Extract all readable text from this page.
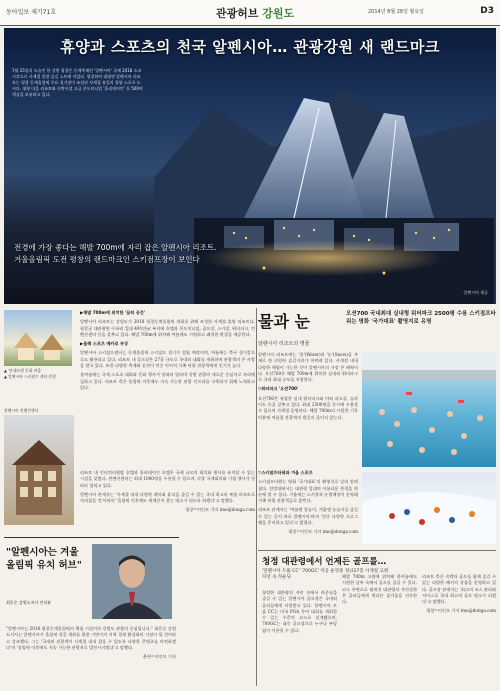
동아일보 제기71호	관광허브 강원도	2014년 8월 28일 월요일	D3
휴양과 스포츠의 천국 알펜시아… 관광강원 새 랜드마크
7월 25일의 모습인 한 강원 평창은 동계축제인 '알펜시아' 국제 2018 소코 시각으로 사계절 휴양 즐길 스트레 이었다. 평창하여 대평연 알펜시아 리조트는 평창 동계올림픽 주요 경기장이 조성된 사계절 유일의 휴양 스포츠 도시다. 대형 마을 리조트와 숙박시설 고급 콘도미니엄 '홀리데이인' 등 500여 객실을 보유하고 있다.
전경에 가장 좋다는 해발 700m에 자리 잡은 알펜시아 리조트.
겨울올림픽 도전 평창의 랜드마크인 스키점프장이 보인다
알펜시아 제공
▲ '안데르센 동화 마을'
▲ 알펜시아 스키점프 센터 전경

▶해발 700m에 위치한 '꿈의 공간'

알펜시아 리조트는 강원도가 2018 평창동계올림픽 개최를 위해 조성한 사계절 휴양 리조트다. 평창군 대관령면 수하리 일대 491만㎡ 부지에 호텔과 콘도미니엄, 골프장, 스키장, 워터파크, 컨벤션센터 등을 갖추고 있다. 해발 700m에 위치해 여름에도 시원하고 쾌적한 환경을 제공한다.

▶올해 스포츠 메카로 부상

알펜시아 스키점프센터는 동계올림픽 스키점프 경기가 열릴 예정이며, 여름에는 축구 경기장으로도 활용되고 있다. 리조트 내 골프장은 27홀 규모로 국내외 대회를 개최하며 관광객의 큰 사랑을 받고 있다. 또한 다양한 축제와 공연이 연중 이어져 가족 단위 관광객에게 인기가 높다.

올여름에는 국제 스포츠 대회와 문화 행사가 잇따라 열리며 강원 관광의 새로운 중심지로 자리매김하고 있다. 리조트 측은 올림픽 이후에도 지속 가능한 관광 인프라를 구축하기 위해 노력하고 있다.

알펜시아 컨벤션센터

리조트 내 인터컨티넨탈 호텔과 홀리데이인 호텔은 국제 규모의 회의와 행사를 유치할 수 있는 시설을 갖췄다. 컨벤션센터는 최대 1000명을 수용할 수 있으며, 각종 국제회의와 기업 행사가 잇따라 열리고 있다.

알펜시아 관계자는 '사계절 내내 다양한 레저와 휴식을 즐길 수 있는 국내 최고의 복합 리조트로 자리잡을 것'이라며 '올림픽 이후에도 세계인이 찾는 명소가 되도록 하겠다'고 말했다.

평창=이인모 기자 imo@donga.com

"알펜시아는 겨울올림픽 유치 허브"
최문순 강원도지사 인터뷰

"알펜시아는 2018 평창동계올림픽의 핵심 시설이자 강원도 관광의 중심입니다." 최문순 강원도지사는 알펜시아가 올림픽 성공 개최를 위한 기반이자 지역 경제 활성화의 거점이 될 것이라고 강조했다. 그는 '국내외 관광객이 사계절 내내 찾을 수 있도록 다양한 콘텐츠를 마련하겠다'며 '올림픽 이후에도 지속 가능한 관광지로 발전시키겠다'고 말했다.

춘천=이인모 기자

물과 눈	오션700 국내최대 실내형 워터파크 2500평 수용 스키점프타워는 명화 '국가대표' 촬영지로 유명
알펜시아 리조트의 명물

알펜시아 리조트에는 '물'(Water)과 '눈'(Snow)을 주제로 한 다양한 즐길거리가 마련돼 있다. 사계절 내내 다양한 체험이 가능한 것이 알펜시아의 가장 큰 매력이다. 오션700은 해발 700m에 위치한 실내외 워터파크로 국내 최대 규모를 자랑한다.

▽워터파크 '오션700'

오션700은 유럽풍 실내 워터파크와 야외 파도풀, 슬라이드 등을 갖추고 있다. 최대 2500명을 동시에 수용할 수 있으며 사계절 운영된다. 해발 700m의 시원한 기후 덕분에 여름철 관광객의 발길이 끊이지 않는다.

▽스키점프타워와 겨울 스포츠

스키점프타워는 영화 '국가대표'의 촬영지로 널리 알려졌다. 전망대에서는 대관령 일대의 아름다운 풍경을 한눈에 볼 수 있다. 겨울에는 스키장과 눈썰매장이 운영돼 가족 단위 관광객들로 붐빈다.

리조트 관계자는 '여름엔 물놀이, 겨울엔 눈놀이를 즐길 수 있는 곳이 바로 알펜시아'라며 '연중 다양한 프로그램을 준비하고 있다'고 밝혔다.

평창=이인모 기자 imo@donga.com

청정 대관령에서 언제든 골프를…
'알펜시아 트룹 CC' '700GC' 착공 운영중 정규27홀 사계절 고원 자연 속 라운딩

청정한 대관령의 자연 속에서 라운딩을 즐길 수 있는 알펜시아 골프장은 국내외 골퍼들에게 사랑받고 있다. 알펜시아 트룹 CC는 미국 PGA 투어 대회를 개최할 수 있는 수준의 코스로 설계됐으며, 700GC는 대중 골프장으로 누구나 부담 없이 이용할 수 있다.

해발 700m 고원에 위치해 한여름에도 시원한 날씨 속에서 골프를 즐길 수 있다. 코스 주변으로 펼쳐진 대관령의 자연경관은 골퍼들에게 색다른 즐거움을 선사한다.

리조트 측은 숙박과 골프를 함께 즐길 수 있는 다양한 패키지 상품을 운영하고 있다. 골프장 관계자는 '최고의 코스 관리와 서비스로 국내 최고의 골프 명소가 되겠다'고 말했다.

평창=이인모 기자 imo@donga.com
